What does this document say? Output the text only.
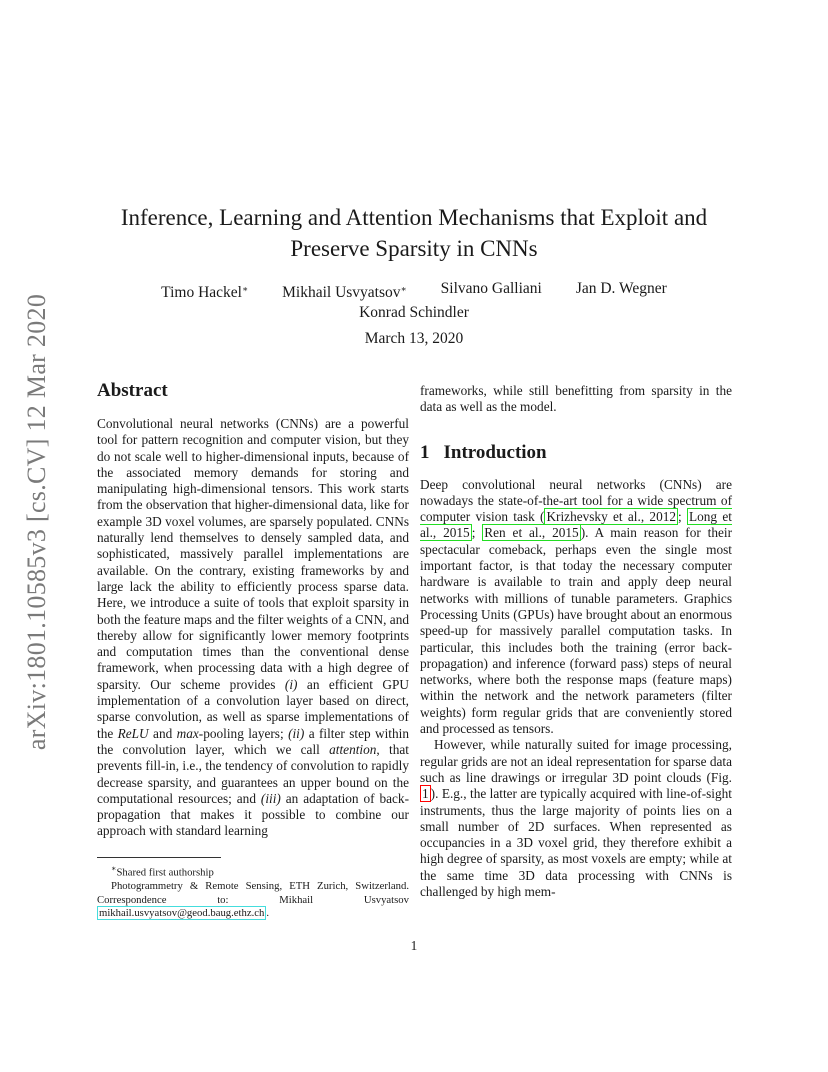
arXiv:1801.10585v3 [cs.CV] 12 Mar 2020
Inference, Learning and Attention Mechanisms that Exploit and
Preserve Sparsity in CNNs
Timo Hackel∗ Mikhail Usvyatsov∗ Silvano Galliani Jan D. Wegner
Konrad Schindler
March 13, 2020
Abstract

Convolutional neural networks (CNNs) are a powerful tool for pattern recognition and computer vision, but they do not scale well to higher-dimensional inputs, because of the associated memory demands for storing and manipulating high-dimensional tensors. This work starts from the observation that higher-dimensional data, like for example 3D voxel volumes, are sparsely populated. CNNs naturally lend themselves to densely sampled data, and sophisticated, massively parallel implementations are available. On the contrary, existing frameworks by and large lack the ability to efficiently process sparse data. Here, we introduce a suite of tools that exploit sparsity in both the feature maps and the filter weights of a CNN, and thereby allow for significantly lower memory footprints and computation times than the conventional dense framework, when processing data with a high degree of sparsity. Our scheme provides (i) an efficient GPU implementation of a convolution layer based on direct, sparse convolution, as well as sparse implementations of the ReLU and max-pooling layers; (ii) a filter step within the convolution layer, which we call attention, that prevents fill-in, i.e., the tendency of convolution to rapidly decrease sparsity, and guarantees an upper bound on the computational resources; and (iii) an adaptation of back-propagation that makes it possible to combine our approach with standard learning

∗Shared first authorship

Photogrammetry & Remote Sensing, ETH Zurich, Switzerland. Correspondence to: Mikhail Usvyatsov mikhail.usvyatsov@geod.baug.ethz.ch .

frameworks, while still benefitting from sparsity in the data as well as the model.

1 Introduction

Deep convolutional neural networks (CNNs) are nowadays the state-of-the-art tool for a wide spectrum of computer vision task ( Krizhevsky et al., 2012 ; Long et al., 2015 ; Ren et al., 2015 ). A main reason for their spectacular comeback, perhaps even the single most important factor, is that today the necessary computer hardware is available to train and apply deep neural networks with millions of tunable parameters. Graphics Processing Units (GPUs) have brought about an enormous speed-up for massively parallel computation tasks. In particular, this includes both the training (error back-propagation) and inference (forward pass) steps of neural networks, where both the response maps (feature maps) within the network and the network parameters (filter weights) form regular grids that are conveniently stored and processed as tensors.

However, while naturally suited for image processing, regular grids are not an ideal representation for sparse data such as line drawings or irregular 3D point clouds (Fig. 1 ). E.g., the latter are typically acquired with line-of-sight instruments, thus the large majority of points lies on a small number of 2D surfaces. When represented as occupancies in a 3D voxel grid, they therefore exhibit a high degree of sparsity, as most voxels are empty; while at the same time 3D data processing with CNNs is challenged by high mem-

1
